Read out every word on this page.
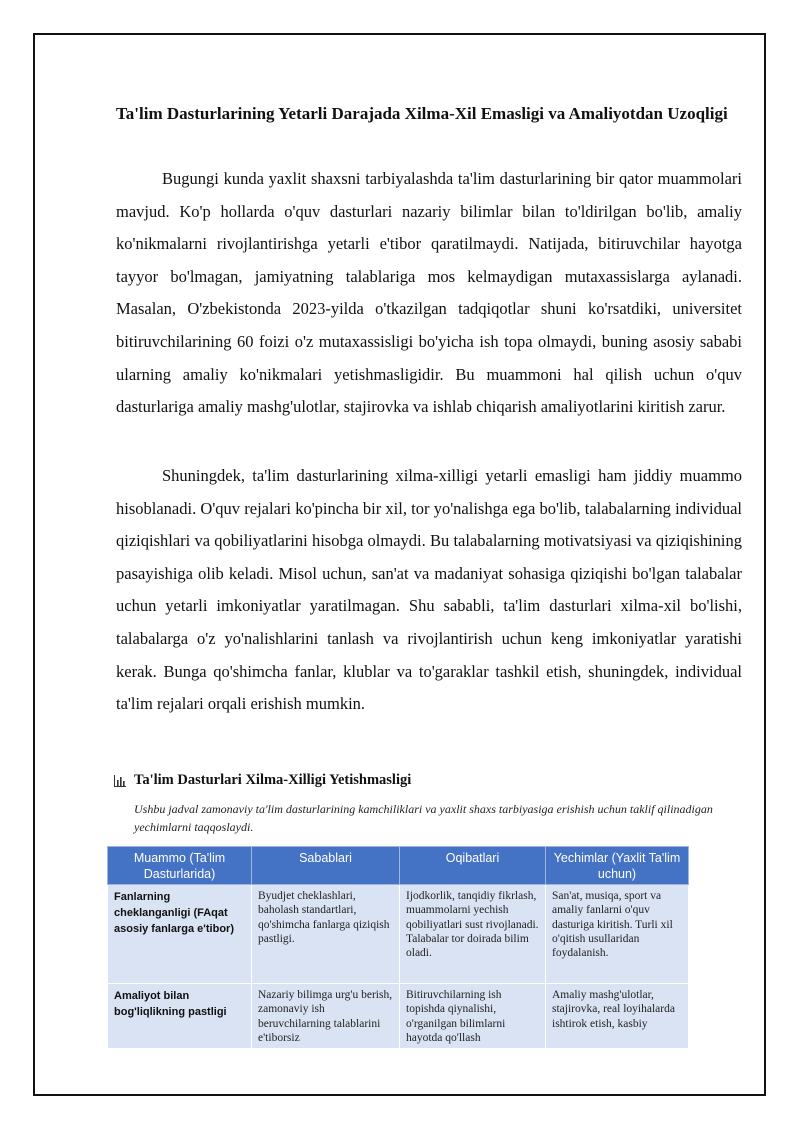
Ta'lim Dasturlarining Yetarli Darajada Xilma-Xil Emasligi va Amaliyotdan Uzoqligi

Bugungi kunda yaxlit shaxsni tarbiyalashda ta'lim dasturlarining bir qator muammolari mavjud. Ko'p hollarda o'quv dasturlari nazariy bilimlar bilan to'ldirilgan bo'lib, amaliy ko'nikmalarni rivojlantirishga yetarli e'tibor qaratilmaydi. Natijada, bitiruvchilar hayotga tayyor bo'lmagan, jamiyatning talablariga mos kelmaydigan mutaxassislarga aylanadi. Masalan, O'zbekistonda 2023-yilda o'tkazilgan tadqiqotlar shuni ko'rsatdiki, universitet bitiruvchilarining 60 foizi o'z mutaxassisligi bo'yicha ish topa olmaydi, buning asosiy sababi ularning amaliy ko'nikmalari yetishmasligidir. Bu muammoni hal qilish uchun o'quv dasturlariga amaliy mashg'ulotlar, stajirovka va ishlab chiqarish amaliyotlarini kiritish zarur.

Shuningdek, ta'lim dasturlarining xilma-xilligi yetarli emasligi ham jiddiy muammo hisoblanadi. O'quv rejalari ko'pincha bir xil, tor yo'nalishga ega bo'lib, talabalarning individual qiziqishlari va qobiliyatlarini hisobga olmaydi. Bu talabalarning motivatsiyasi va qiziqishining pasayishiga olib keladi. Misol uchun, san'at va madaniyat sohasiga qiziqishi bo'lgan talabalar uchun yetarli imkoniyatlar yaratilmagan. Shu sababli, ta'lim dasturlari xilma-xil bo'lishi, talabalarga o'z yo'nalishlarini tanlash va rivojlantirish uchun keng imkoniyatlar yaratishi kerak. Bunga qo'shimcha fanlar, klublar va to'garaklar tashkil etish, shuningdek, individual ta'lim rejalari orqali erishish mumkin.

Ta'lim Dasturlari Xilma-Xilligi Yetishmasligi

Ushbu jadval zamonaviy ta'lim dasturlarining kamchiliklari va yaxlit shaxs tarbiyasiga erishish uchun taklif qilinadigan yechimlarni taqqoslaydi.

Muammo (Ta'lim Dasturlarida)	Sabablari	Oqibatlari	Yechimlar (Yaxlit Ta'lim uchun)

Fanlarning cheklanganligi (FAqat asosiy fanlarga e'tibor)	Byudjet cheklashlari, baholash standartlari, qo'shimcha fanlarga qiziqish pastligi.	Ijodkorlik, tanqidiy fikrlash, muammolarni yechish qobiliyatlari sust rivojlanadi. Talabalar tor doirada bilim oladi.	San'at, musiqa, sport va amaliy fanlarni o'quv dasturiga kiritish. Turli xil o'qitish usullaridan foydalanish.

Amaliyot bilan bog'liqlikning pastligi	Nazariy bilimga urg'u berish, zamonaviy ish beruvchilarning talablarini e'tiborsiz	Bitiruvchilarning ish topishda qiynalishi, o'rganilgan bilimlarni hayotda qo'llash	Amaliy mashg'ulotlar, stajirovka, real loyihalarda ishtirok etish, kasbiy
